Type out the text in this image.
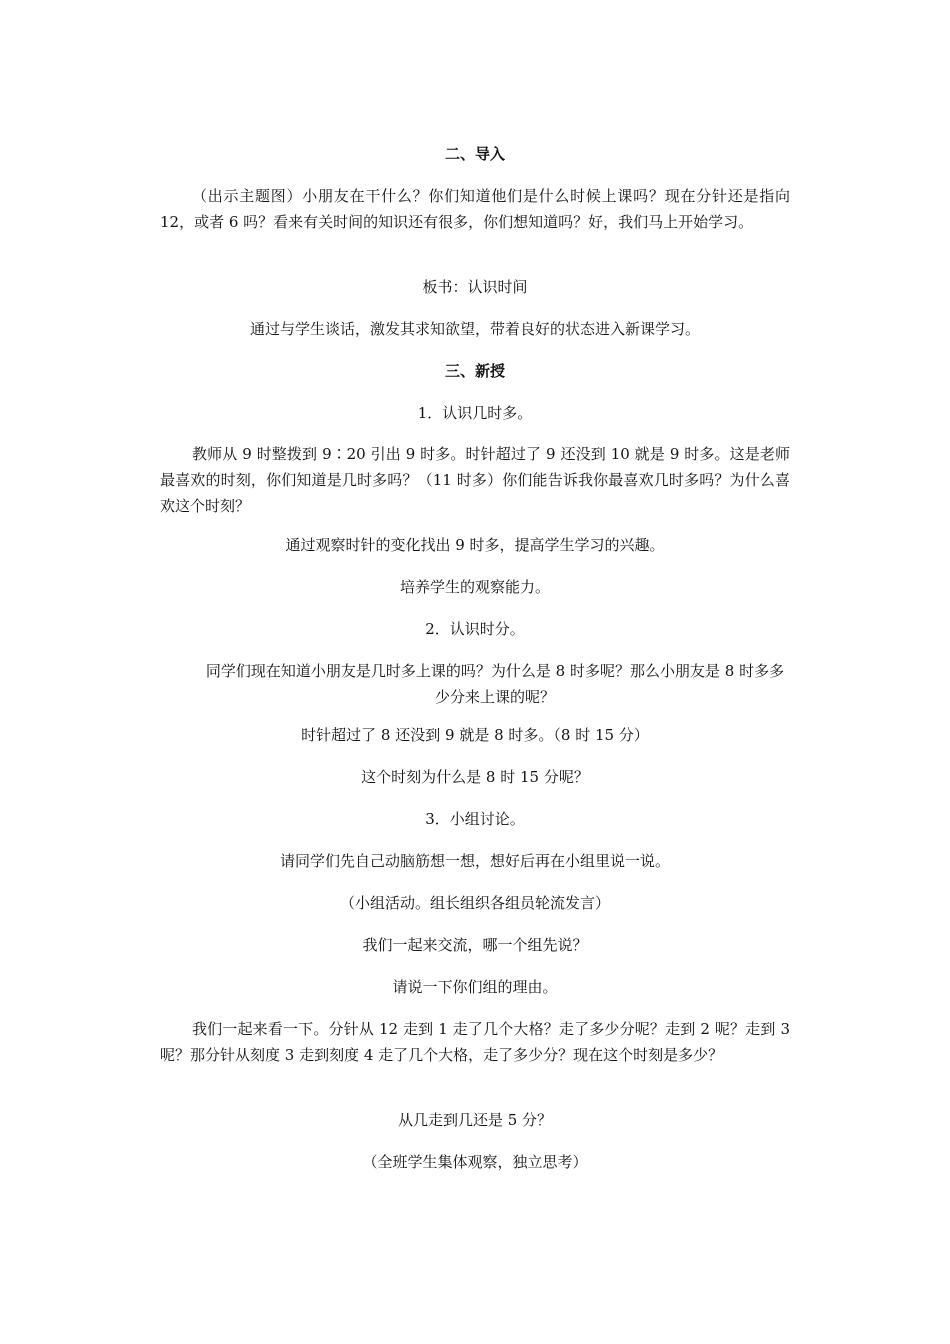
二、导入

（出示主题图）小朋友在干什么？你们知道他们是什么时候上课吗？现在分针还是指向 12，或者 6 吗？看来有关时间的知识还有很多，你们想知道吗？好，我们马上开始学习。

板书：认识时间

通过与学生谈话，激发其求知欲望，带着良好的状态进入新课学习。

三、新授

1．认识几时多。

教师从 9 时整拨到 9∶20 引出 9 时多。时针超过了 9 还没到 10 就是 9 时多。这是老师最喜欢的时刻，你们知道是几时多吗？（11 时多）你们能告诉我你最喜欢几时多吗？为什么喜欢这个时刻？

通过观察时针的变化找出 9 时多，提高学生学习的兴趣。

培养学生的观察能力。

2．认识时分。

同学们现在知道小朋友是几时多上课的吗？为什么是 8 时多呢？那么小朋友是 8 时多多少分来上课的呢？

时针超过了 8 还没到 9 就是 8 时多。（8 时 15 分）

这个时刻为什么是 8 时 15 分呢？

3．小组讨论。

请同学们先自己动脑筋想一想，想好后再在小组里说一说。

（小组活动。组长组织各组员轮流发言）

我们一起来交流，哪一个组先说？

请说一下你们组的理由。

我们一起来看一下。分针从 12 走到 1 走了几个大格？走了多少分呢？走到 2 呢？走到 3 呢？那分针从刻度 3 走到刻度 4 走了几个大格，走了多少分？现在这个时刻是多少？

从几走到几还是 5 分？

（全班学生集体观察，独立思考）
